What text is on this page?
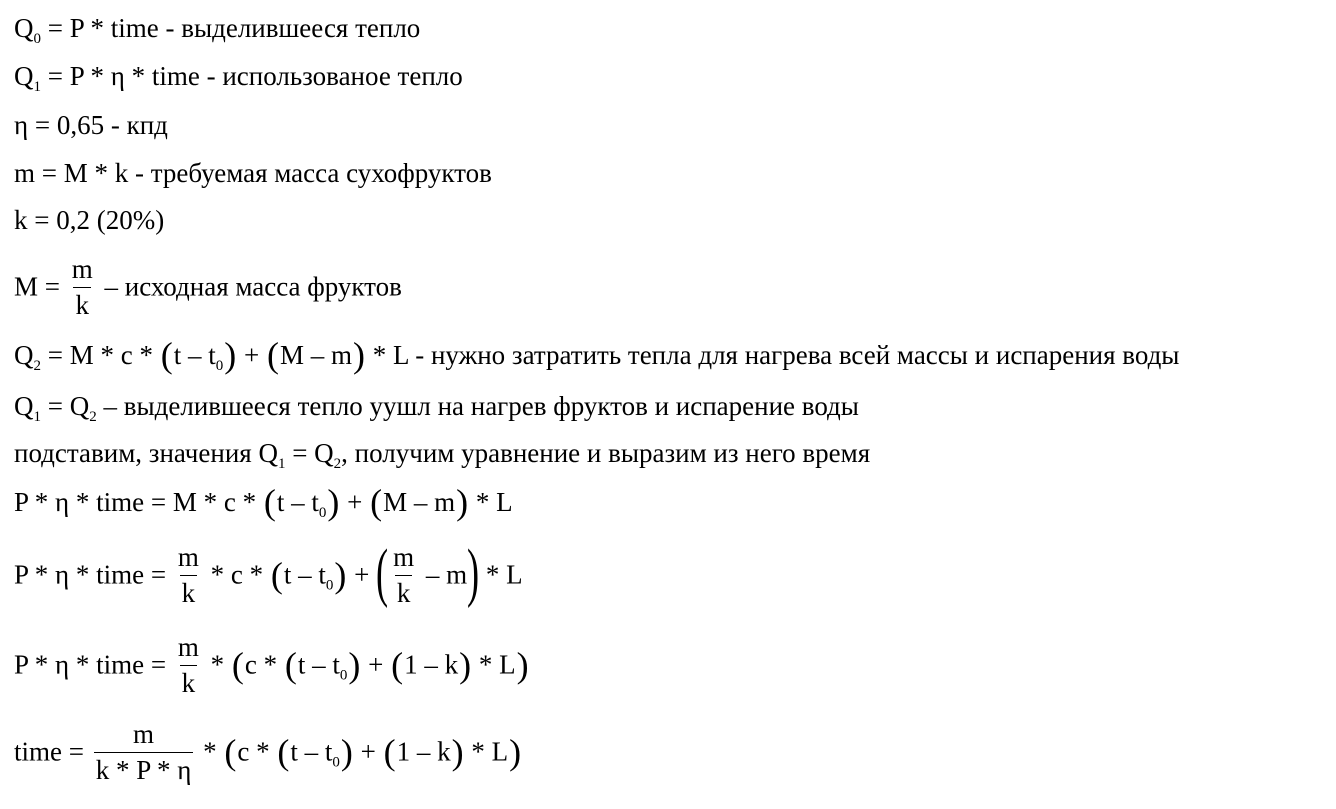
$Q_0 = P$ * time - выделившееся тепло
$Q_1 = P * \eta$ * time - использованое тепло
η = 0,65 - кпд
m = M * k - требуемая масса сухофруктов
k = 0,2 (20%)
$M = \frac{m}{k}$ – исходная масса фруктов
$Q_2 = M * c * (t - t_0) + (M - m) * L$ - нужно затратить тепла для нагрева всей массы и испарения воды
$Q_1 = Q_2$ – выделившееся тепло уушл на нагрев фруктов и испарение воды
подставим, значения $Q_1 = Q_2$, получим уравнение и выразим из него время
P * η * time = $M * c * (t - t_0) + (M - m) * L$
P * η * time = $\frac{m}{k}$ * c * $(t - t_0)$ + ( $\frac{m}{k} - m$) * L
P * η * time = $\frac{m}{k} * (c * (t - t_0) + (1 - k) * L)$
time = $\frac{m}{k * P * \eta} * (c * (t - t_0) + (1 - k) * L)$
